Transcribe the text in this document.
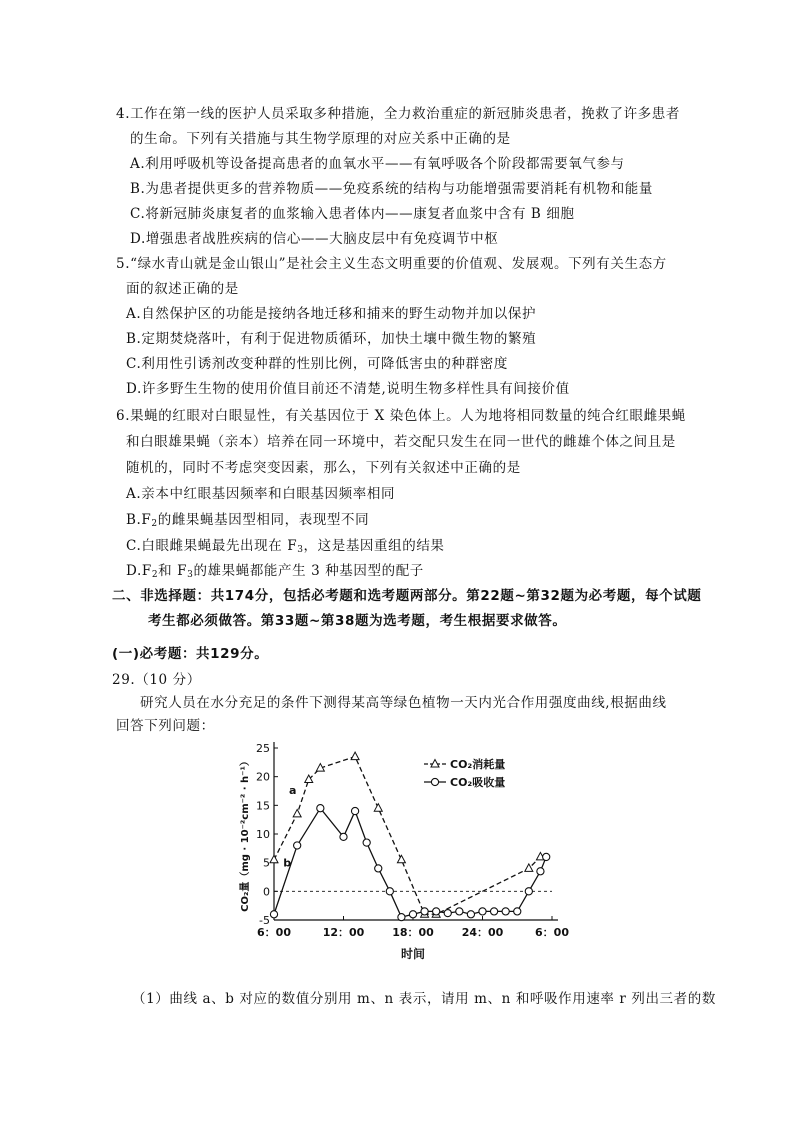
4.工作在第一线的医护人员采取多种措施，全力救治重症的新冠肺炎患者，挽救了许多患者
的生命。下列有关措施与其生物学原理的对应关系中正确的是
A.利用呼吸机等设备提高患者的血氧水平——有氧呼吸各个阶段都需要氧气参与
B.为患者提供更多的营养物质——免疫系统的结构与功能增强需要消耗有机物和能量
C.将新冠肺炎康复者的血浆输入患者体内——康复者血浆中含有 B 细胞
D.增强患者战胜疾病的信心——大脑皮层中有免疫调节中枢
5.“绿水青山就是金山银山”是社会主义生态文明重要的价值观、发展观。下列有关生态方
面的叙述正确的是
A.自然保护区的功能是接纳各地迁移和捕来的野生动物并加以保护
B.定期焚烧落叶，有利于促进物质循环，加快土壤中微生物的繁殖
C.利用性引诱剂改变种群的性别比例，可降低害虫的种群密度
D.许多野生生物的使用价值目前还不清楚,说明生物多样性具有间接价值
6.果蝇的红眼对白眼显性，有关基因位于 X 染色体上。人为地将相同数量的纯合红眼雌果蝇
和白眼雄果蝇（亲本）培养在同一环境中，若交配只发生在同一世代的雌雄个体之间且是
随机的，同时不考虑突变因素，那么，下列有关叙述中正确的是
A.亲本中红眼基因频率和白眼基因频率相同
$B.F_2$的雌果蝇基因型相同，表现型不同
C.白眼雌果蝇最先出现在 $F_3$，这是基因重组的结果
$D.F_2$和 $F_3$的雄果蝇都能产生 3 种基因型的配子
二、非选择题：共174分，包括必考题和选考题两部分。第22题~第32题为必考题，每个试题
考生都必须做答。第33题~第38题为选考题，考生根据要求做答。
(一)必考题：共129分。
29.（10 分）
研究人员在水分充足的条件下测得某高等绿色植物一天内光合作用强度曲线,根据曲线
回答下列问题：
25
20
15
10
5
0
-5
6：00	12：00	18：00	24：00	6：00
时间
CO₂量（mg · 10⁻²cm⁻² · h⁻¹）	a
b
CO₂消耗量
CO₂吸收量
（1）曲线 a、b 对应的数值分别用 m、n 表示，请用 m、n 和呼吸作用速率 r 列出三者的数
